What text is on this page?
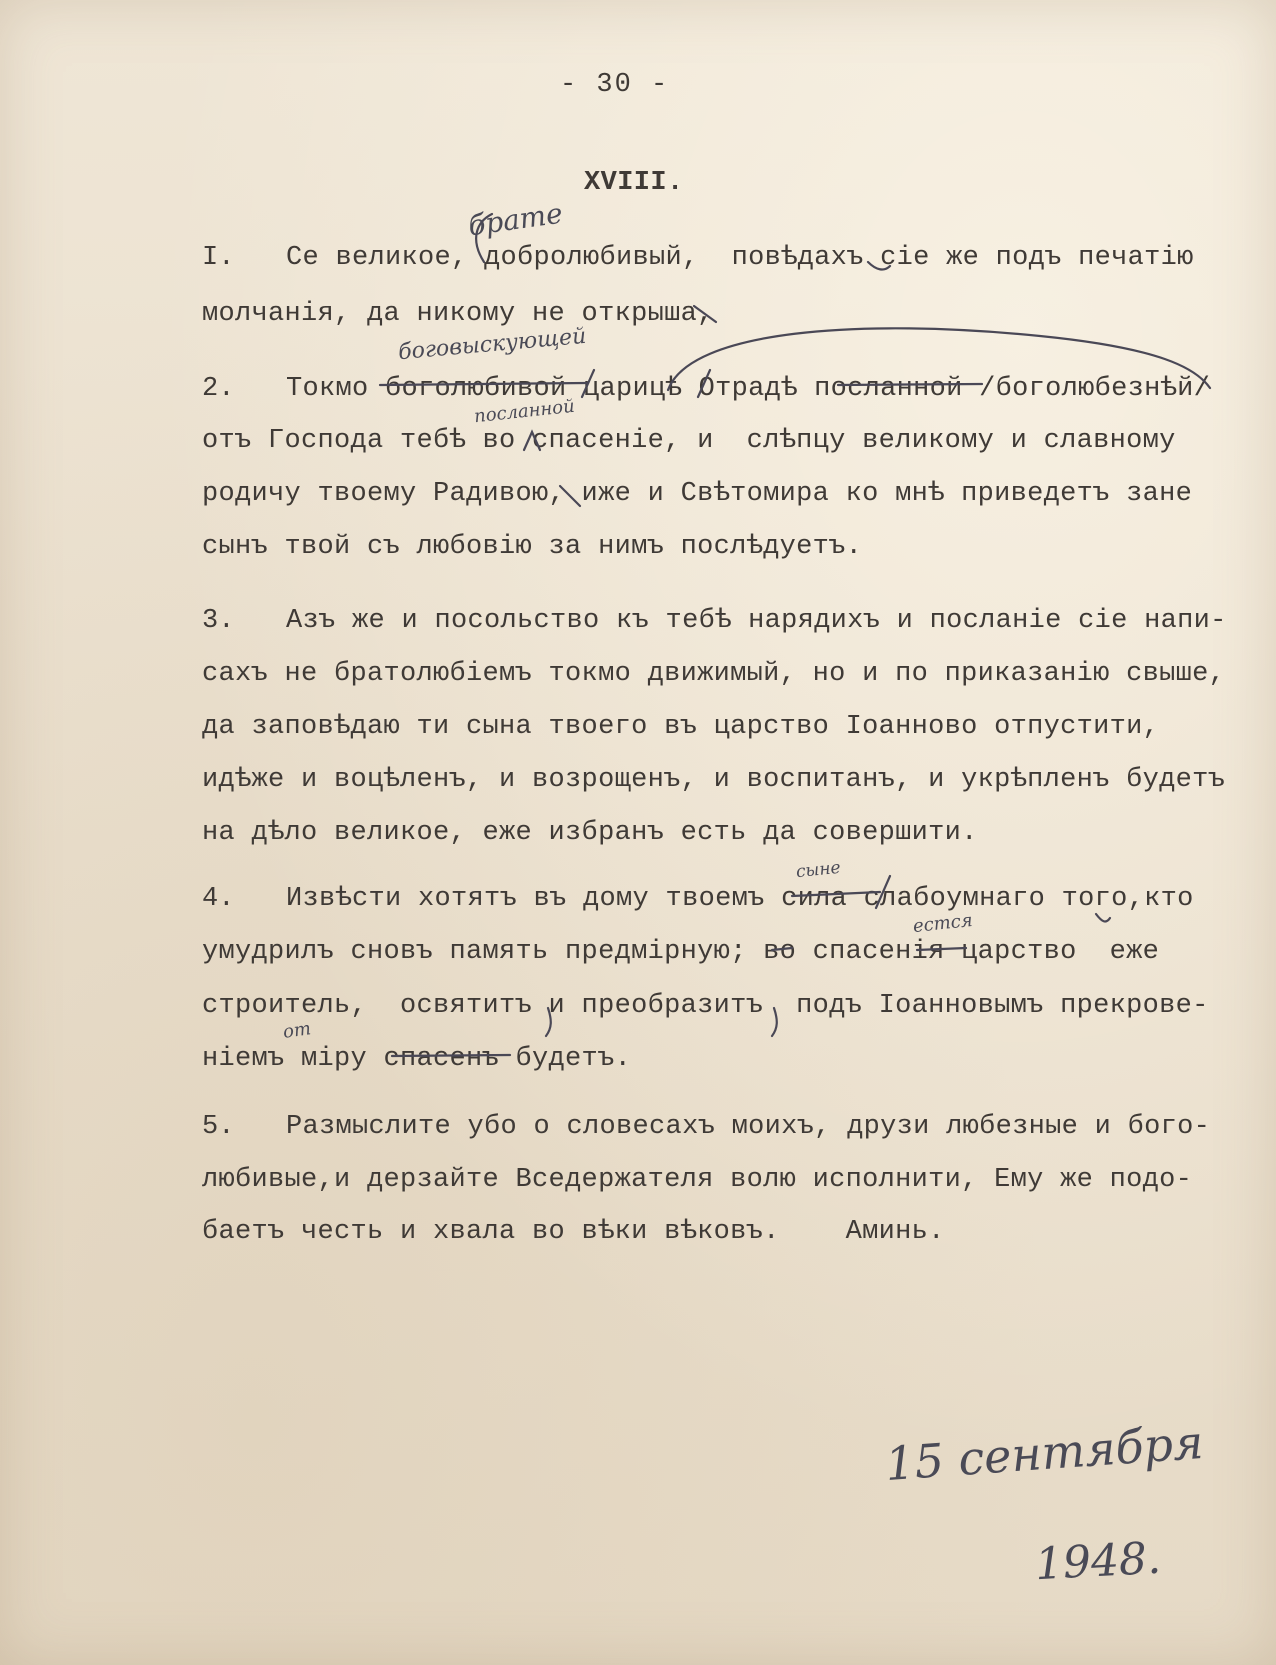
- 30 -
XVIII.
I. Се великое, добролюбивый,  повѣдахъ сіе же подъ печатію
молчанія, да никому не открыша,
2. Токмо боголюбивой царицѣ Отрадѣ посланной /боголюбезнѣй/
отъ Господа тебѣ во спасеніе, и  слѣпцу великому и славному
родичу твоему Радивою, иже и Свѣтомира ко мнѣ приведетъ зане
сынъ твой съ любовію за нимъ послѣдуетъ.
3. Азъ же и посольство къ тебѣ нарядихъ и посланіе сіе напи-
сахъ не братолюбіемъ токмо движимый, но и по приказанію свыше,
да заповѣдаю ти сына твоего въ царство Іоанново отпустити,
идѣже и воцѣленъ, и возрощенъ, и воспитанъ, и укрѣпленъ будетъ
на дѣло великое, еже избранъ есть да совершити.
4. Извѣсти хотятъ въ дому твоемъ сила слабоумнаго того,кто
умудрилъ сновъ память предмірную; во спасенія царство  еже
строитель,  освятитъ и преобразитъ  подъ Іоанновымъ прекрове-
ніемъ міру спасенъ будетъ.
5. Размыслите убо о словесахъ моихъ, друзи любезные и бого-
любивые,и дерзайте Вседержателя волю исполнити, Ему же подо-
баетъ честь и хвала во вѣки вѣковъ.    Аминь.
брате
боговыскующей
посланной
сыне
естся
от
15 сентября
1948.
